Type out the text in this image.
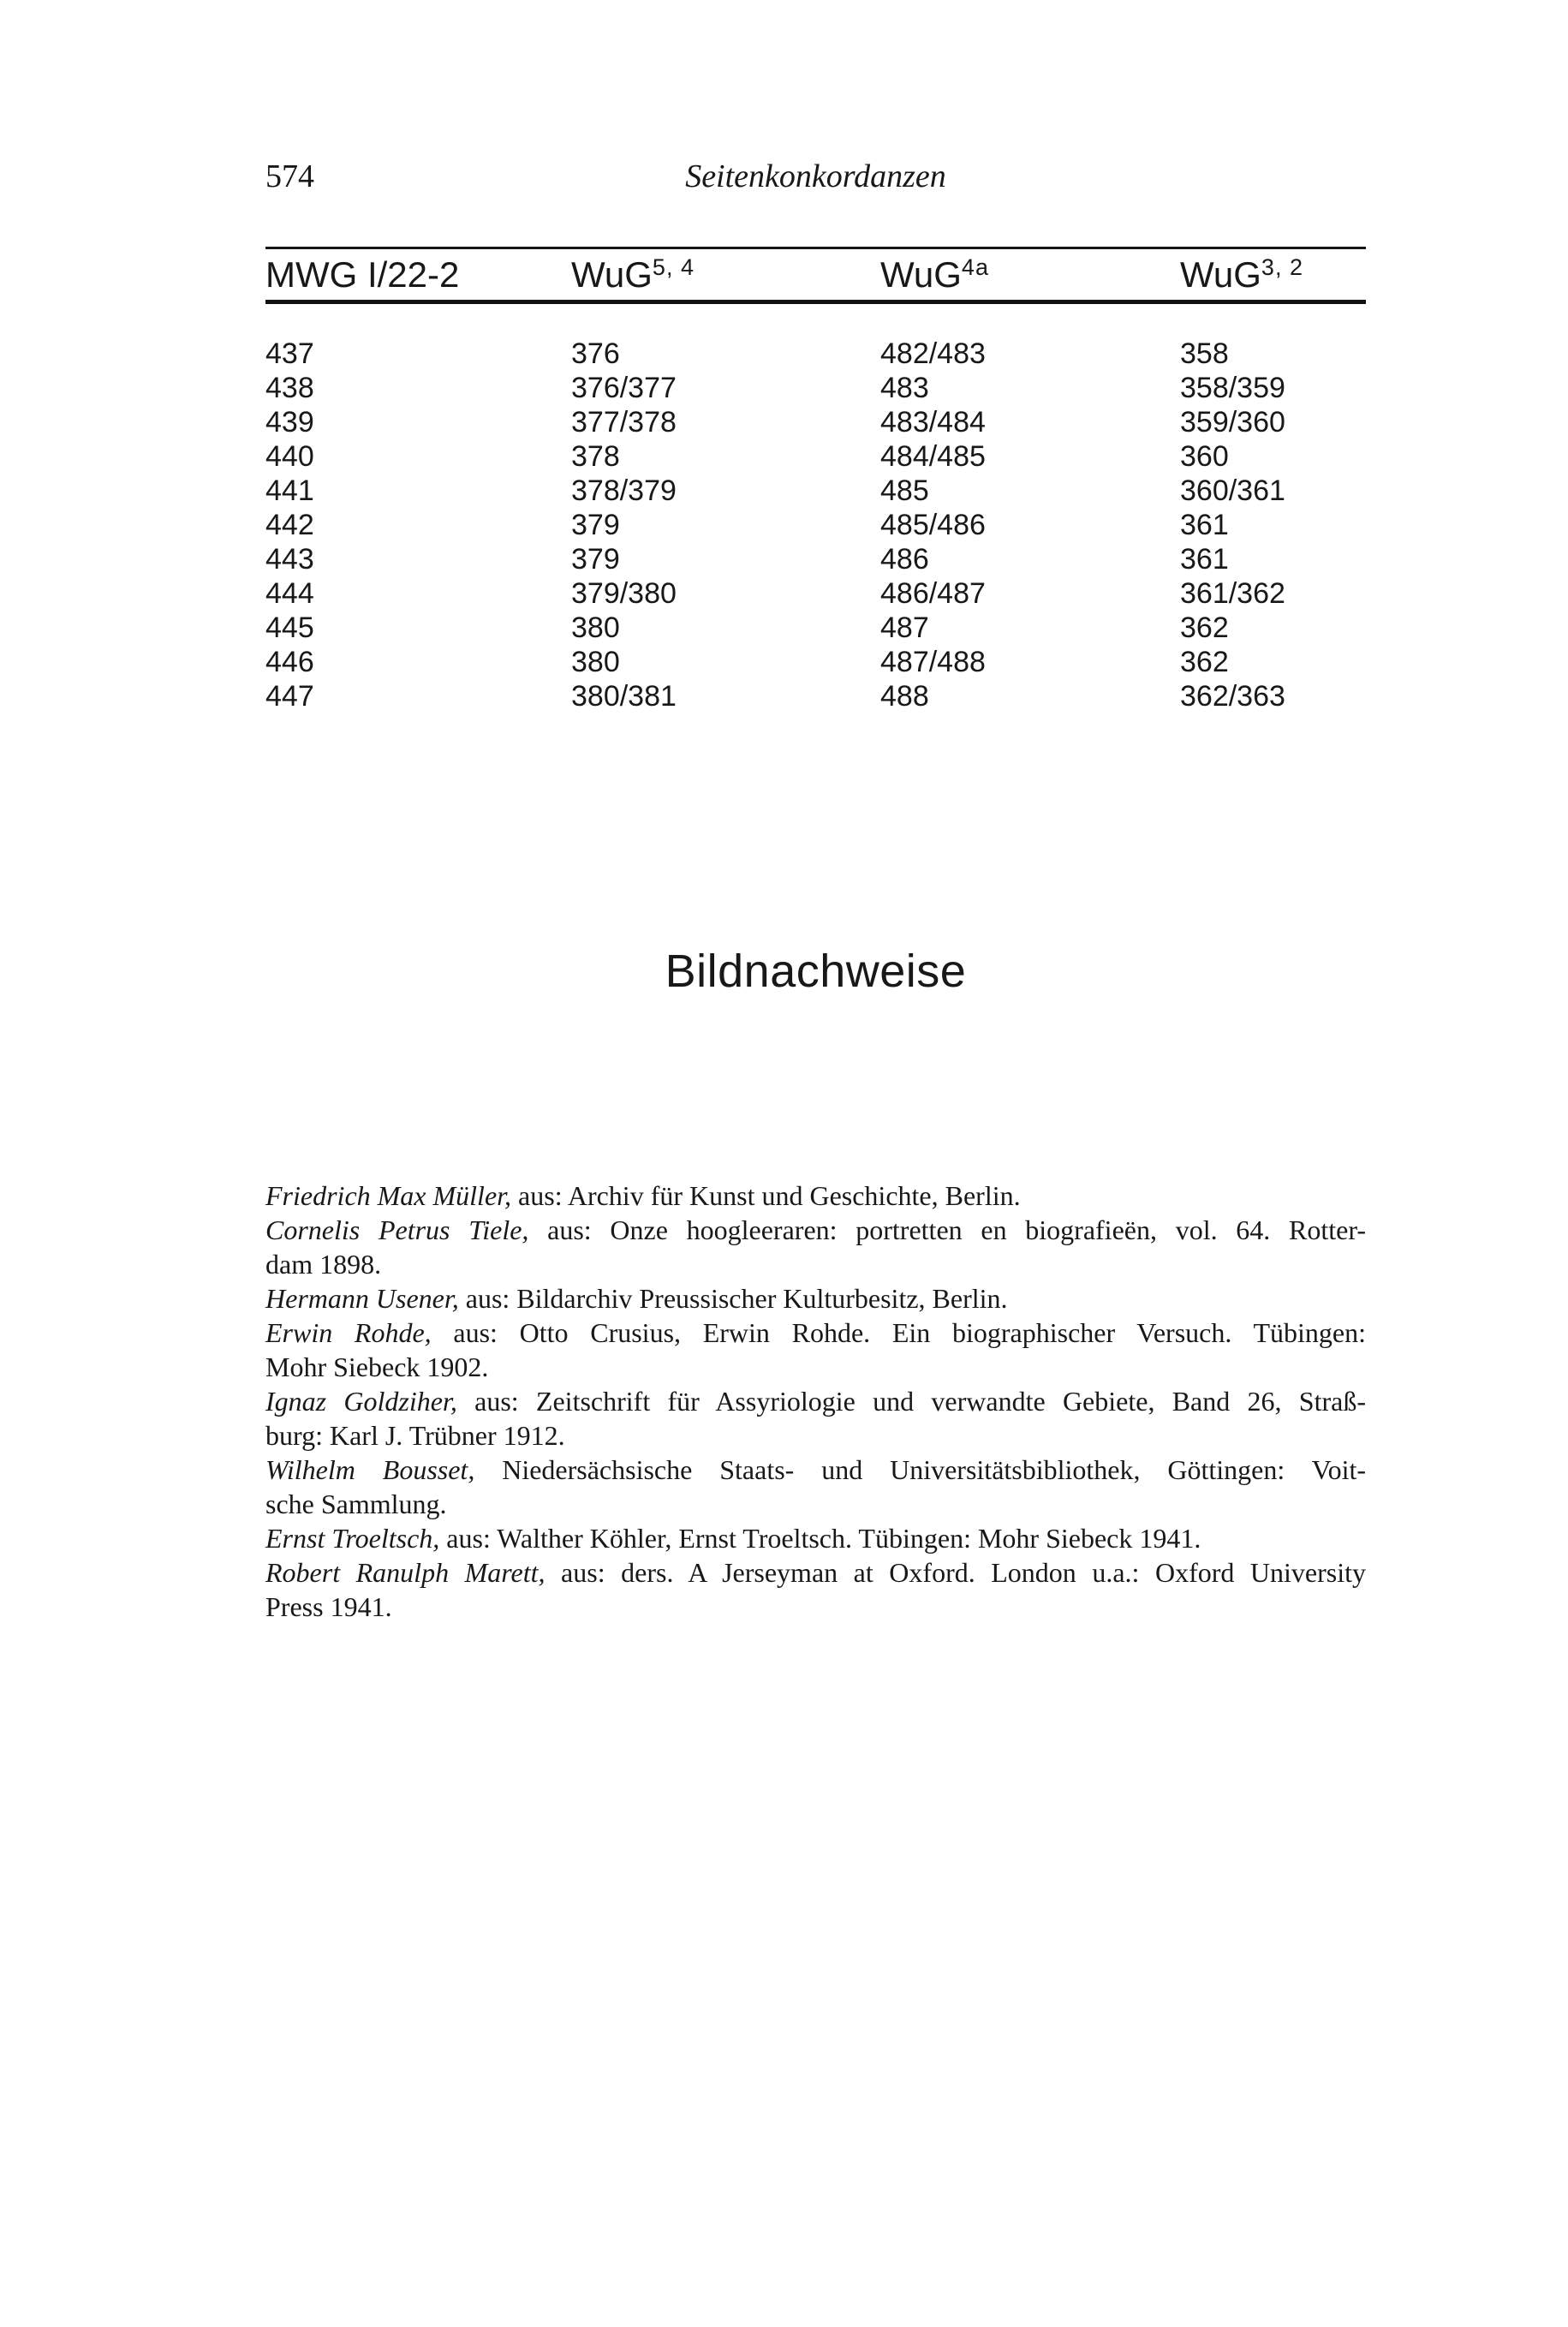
574	Seitenkonkordanzen
MWG I/22-2	WuG$^{5, 4}$	WuG$^{4a}$	WuG$^{3, 2}$
437	376	482/483	358
438	376/377	483	358/359
439	377/378	483/484	359/360
440	378	484/485	360
441	378/379	485	360/361
442	379	485/486	361
443	379	486	361
444	379/380	486/487	361/362
445	380	487	362
446	380	487/488	362
447	380/381	488	362/363
Bildnachweise
Friedrich Max Müller, aus: Archiv für Kunst und Geschichte, Berlin.
Cornelis Petrus Tiele, aus: Onze hoogleeraren: portretten en biografieën, vol. 64. Rotter-
dam 1898.
Hermann Usener, aus: Bildarchiv Preussischer Kulturbesitz, Berlin.
Erwin Rohde, aus: Otto Crusius, Erwin Rohde. Ein biographischer Versuch. Tübingen:
Mohr Siebeck 1902.
Ignaz Goldziher, aus: Zeitschrift für Assyriologie und verwandte Gebiete, Band 26, Straß-
burg: Karl J. Trübner 1912.
Wilhelm Bousset, Niedersächsische Staats- und Universitätsbibliothek, Göttingen: Voit-
sche Sammlung.
Ernst Troeltsch, aus: Walther Köhler, Ernst Troeltsch. Tübingen: Mohr Siebeck 1941.
Robert Ranulph Marett, aus: ders. A Jerseyman at Oxford. London u.a.: Oxford University
Press 1941.
